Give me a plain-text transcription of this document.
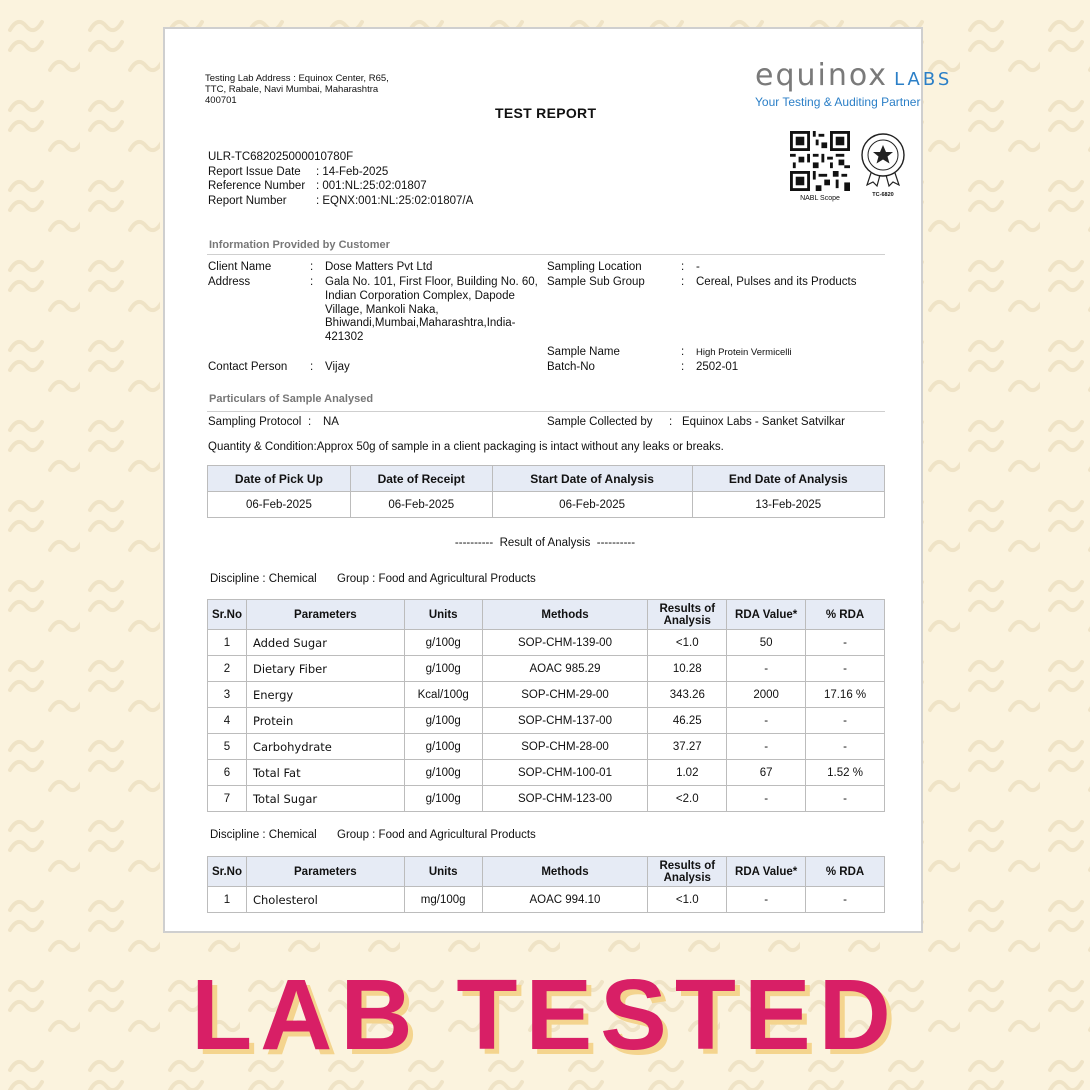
Testing Lab Address : Equinox Center, R65, TTC, Rabale, Navi Mumbai, Maharashtra 400701
TEST REPORT
equinox LABS
Your Testing & Auditing Partner
NABL Scope	TC-6820
ULR-TC682025000010780F
Report Issue Date	: 14-Feb-2025
Reference Number : 001:NL:25:02:01807
Report Number	: EQNX:001:NL:25:02:01807/A
Information Provided by Customer
Client Name	:	Dose Matters Pvt Ltd
Address	:	Gala No. 101, First Floor, Building No. 60, Indian Corporation Complex, Dapode Village, Mankoli Naka, Bhiwandi,Mumbai,Maharashtra,India-421302
Contact Person	:	Vijay
Sampling Location	:	-
Sample Sub Group	:	Cereal, Pulses and its Products
Sample Name	:	High Protein Vermicelli
Batch-No	:	2502-01
Particulars of Sample Analysed
Sampling Protocol :	NA	Sample Collected by	: Equinox Labs - Sanket Satvilkar
Quantity & Condition : Approx 50g of sample in a client packaging is intact without any leaks or breaks.
Date of Pick Up	Date of Receipt	Start Date of Analysis	End Date of Analysis
06-Feb-2025	06-Feb-2025	06-Feb-2025	13-Feb-2025
----------  Result of Analysis  ----------
Discipline : Chemical Group : Food and Agricultural Products
Sr.No	Parameters	Units	Methods	Results of Analysis	RDA Value*	% RDA
1	Added Sugar	g/100g	SOP-CHM-139-00	<1.0	50	-
2	Dietary Fiber	g/100g	AOAC 985.29	10.28	-	-
3	Energy	Kcal/100g	SOP-CHM-29-00	343.26	2000	17.16 %
4	Protein	g/100g	SOP-CHM-137-00	46.25	-	-
5	Carbohydrate	g/100g	SOP-CHM-28-00	37.27	-	-
6	Total Fat	g/100g	SOP-CHM-100-01	1.02	67	1.52 %
7	Total Sugar	g/100g	SOP-CHM-123-00	<2.0	-	-
Discipline : Chemical Group : Food and Agricultural Products
Sr.No	Parameters	Units	Methods	Results of Analysis	RDA Value*	% RDA
1	Cholesterol	mg/100g	AOAC 994.10	<1.0	-	-
LAB TESTED
